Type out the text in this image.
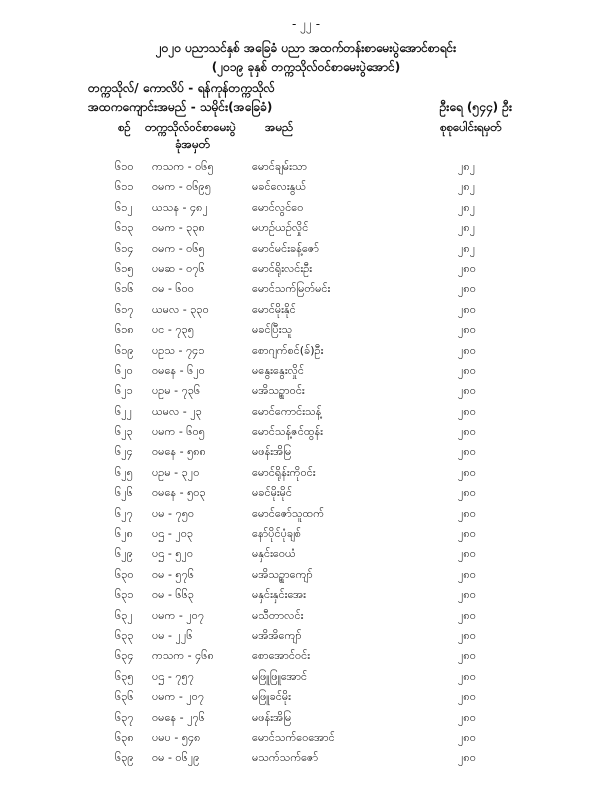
- ၂၂ -
၂၀၂၀ ပညာသင်နှစ် အခြေခံ ပညာ အထက်တန်းစာမေးပွဲအောင်စာရင်း
(၂၀၁၉ ခုနှစ် တက္ကသိုလ်ဝင်စာမေးပွဲအောင်)
တက္ကသိုလ်/ ကောလိပ် - ရန်ကုန်တက္ကသိုလ်
အထကကျောင်းအမည် - သမိုင်း(အခြေခံ)	ဦးရေ (၅၄၄) ဦး
စဉ် တက္ကသိုလ်ဝင်စာမေးပွဲ
ခုံအမှတ်
အမည်	စုစုပေါင်းရမှတ်
၆၁၀ ကသက - ၀၆၅	မောင်ချမ်းသာ	၂၈၂
၆၁၁ ဝမက - ၀၆၉၅	မခင်လေးနွယ်	၂၈၂
၆၁၂ ယသန - ၄၈၂	မောင်လွင်ဝေ	၂၈၂
၆၁၃ ဝမက - ၃၃၈	မဟဉ်ယဉ်လှိုင်	၂၈၂
၆၁၄ ဝမက - ၀၆၅	မောင်မင်းခန့်ဇော်	၂၈၂
၆၁၅ ပမဆ - ၀၇၆	မောင်ရိုးလင်းဦး	၂၈၀
၆၁၆ ဝမ - ၆၀၀	မောင်သက်မြတ်မင်း	၂၈၀
၆၁၇ ယမလ - ၃၃၀	မောင်မိုးနိုင်	၂၈၀
၆၁၈ ပင - ၇၃၅	မခင်ပြီးသူ	၂၈၀
၆၁၉ ပဥသ - ၇၄၁	စောဂျက်စင်(ခ်)ဦး	၂၈၀
၆၂၀ ဝမနေ - ၆၂၀	မနွေးနွေးလှိုင်	၂၈၀
၆၂၁ ပဥမ - ၇၃၆	မအိသဥ္စာဝင်း	၂၈၀
၆၂၂ ယမလ - ၂၃	မောင်ကောင်းသန့်	၂၈၀
၆၂၃ ပမက - ၆၀၅	မောင်သန့်ဇင်ထွန်း	၂၈၀
၆၂၄ ဝမနေ - ၅၈၈	မဖန်းအိမြ	၂၈၀
၆၂၅ ပဥမ - ၃၂၀	မောင်ရိုန်းကိုဝင်း	၂၈၀
၆၂၆ ဝမနေ - ၅၀၃	မခင်မိုးမိုင်	၂၈၀
၆၂၇ ပမ - ၇၅၀	မောင်ဇော်သူထက်	၂၈၀
၆၂၈ ပဌ - ၂၀၃	နော်ပိုင်ပုံချစ်	၂၈၀
၆၂၉ ပဌ - ၅၂၀	မနှင်းဝေယံ	၂၈၀
၆၃၀ ဝမ - ၅၇၆	မအိသဥ္စာကျော်	၂၈၀
၆၃၁ ဝမ - ၆၆၃	မနှင်းနှင်းအေး	၂၈၀
၆၃၂ ပမက - ၂၀၇	မသီတာလင်း	၂၈၀
၆၃၃ ပမ - ၂၂၆	မအိအိကျော်	၂၈၀
၆၃၄ ကသက - ၄၆၈	စောအောင်ဝင်း	၂၈၀
၆၃၅ ပဌ - ၇၅၇	မဖြူဖြူအောင်	၂၈၀
၆၃၆ ပမက - ၂၀၇	မဖြူခင်မိုး	၂၈၀
၆၃၇ ဝမနေ - ၂၇၆	မဖန်းအိမြ	၂၈၀
၆၃၈ ပမပ - ၅၄၈	မောင်သက်ဝေအောင်	၂၈၀
၆၃၉ ဝမ - ၀၆၂၉	မသက်သက်ဇော်	၂၈၀
